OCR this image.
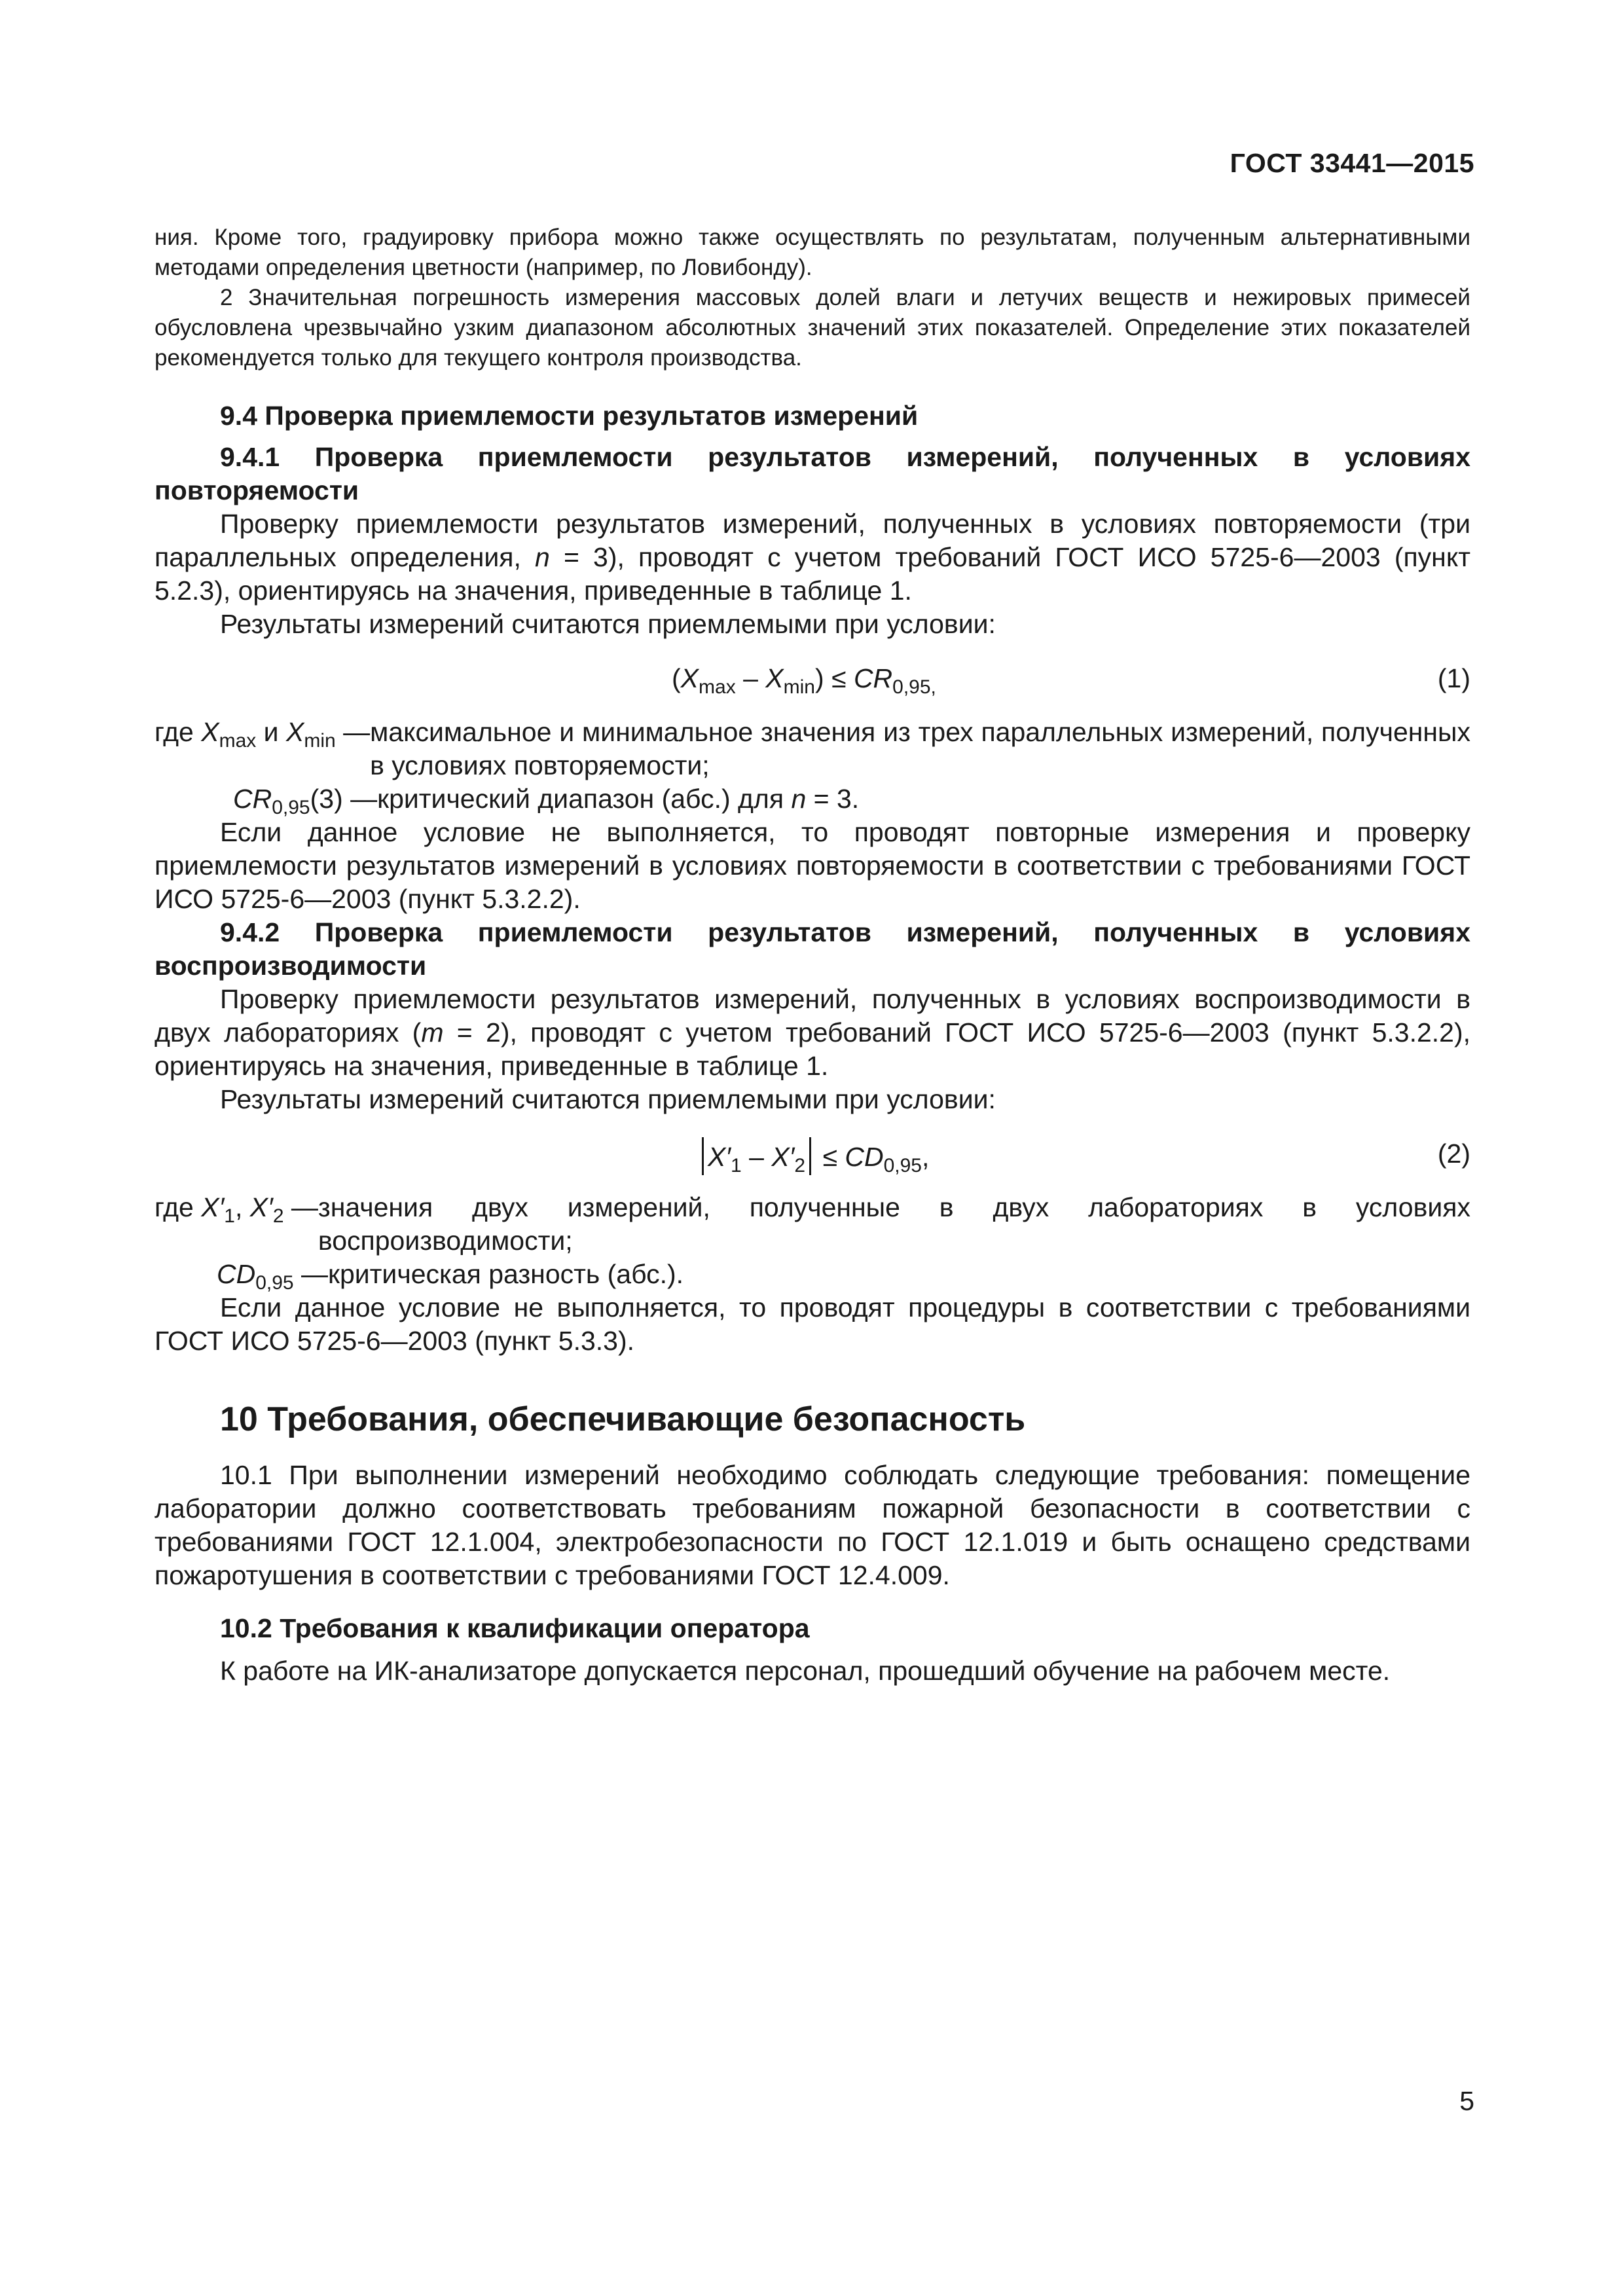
ГОСТ 33441—2015

ния. Кроме того, градуировку прибора можно также осуществлять по результатам, полученным альтернативными методами определения цветности (например, по Ловибонду).

2 Значительная погрешность измерения массовых долей влаги и летучих веществ и нежировых примесей обусловлена чрезвычайно узким диапазоном абсолютных значений этих показателей. Определение этих показателей рекомендуется только для текущего контроля производства.

9.4 Проверка приемлемости результатов измерений
9.4.1 Проверка приемлемости результатов измерений, полученных в условиях повторяемости

Проверку приемлемости результатов измерений, полученных в условиях повторяемости (три параллельных определения, n = 3), проводят с учетом требований ГОСТ ИСО 5725-6—2003 (пункт 5.2.3), ориентируясь на значения, приведенные в таблице 1.

Результаты измерений считаются приемлемыми при условии:

$(X_{max} - X_{min}) \le CR_{0,95,}$	(1)
где $X_{max}$ и $X_{min}$ — максимальное и минимальное значения из трех параллельных измерений, полученных в условиях повторяемости;
$CR_{0,95}(3)$ — критический диапазон (абс.) для n = 3.

Если данное условие не выполняется, то проводят повторные измерения и проверку приемлемости результатов измерений в условиях повторяемости в соответствии с требованиями ГОСТ ИСО 5725-6—2003 (пункт 5.3.2.2).

9.4.2 Проверка приемлемости результатов измерений, полученных в условиях воспроизводимости

Проверку приемлемости результатов измерений, полученных в условиях воспроизводимости в двух лабораториях (m = 2), проводят с учетом требований ГОСТ ИСО 5725-6—2003 (пункт 5.3.2.2), ориентируясь на значения, приведенные в таблице 1.

Результаты измерений считаются приемлемыми при условии:

$X'_1 - X'_2 \le CD_{0,95}$,	(2)
где $X'_1$, $X'_2$ — значения двух измерений, полученные в двух лабораториях в условиях воспроизводимости;
$CD_{0,95}$ — критическая разность (абс.).

Если данное условие не выполняется, то проводят процедуры в соответствии с требованиями ГОСТ ИСО 5725-6—2003 (пункт 5.3.3).

10 Требования, обеспечивающие безопасность

10.1 При выполнении измерений необходимо соблюдать следующие требования: помещение лаборатории должно соответствовать требованиям пожарной безопасности в соответствии с требованиями ГОСТ 12.1.004, электробезопасности по ГОСТ 12.1.019 и быть оснащено средствами пожаротушения в соответствии с требованиями ГОСТ 12.4.009.

10.2 Требования к квалификации оператора

К работе на ИК-анализаторе допускается персонал, прошедший обучение на рабочем месте.

5
